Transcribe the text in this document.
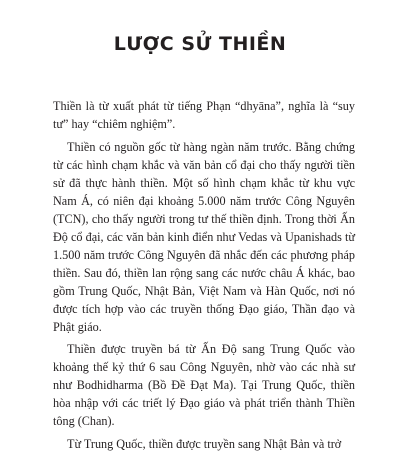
LƯỢC SỬ THIỀN

Thiền là từ xuất phát từ tiếng Phạn “dhyāna”, nghĩa là “suy tư” hay “chiêm nghiệm”.

Thiền có nguồn gốc từ hàng ngàn năm trước. Bằng chứng từ các hình chạm khắc và văn bản cổ đại cho thấy người tiền sử đã thực hành thiền. Một số hình chạm khắc từ khu vực Nam Á, có niên đại khoảng 5.000 năm trước Công Nguyên (TCN), cho thấy người trong tư thế thiền định. Trong thời Ấn Độ cổ đại, các văn bản kinh điển như Vedas và Upanishads từ 1.500 năm trước Công Nguyên đã nhắc đến các phương pháp thiền. Sau đó, thiền lan rộng sang các nước châu Á khác, bao gồm Trung Quốc, Nhật Bản, Việt Nam và Hàn Quốc, nơi nó được tích hợp vào các truyền thống Đạo giáo, Thần đạo và Phật giáo.

Thiền được truyền bá từ Ấn Độ sang Trung Quốc vào khoảng thế kỷ thứ 6 sau Công Nguyên, nhờ vào các nhà sư như Bodhidharma (Bồ Đề Đạt Ma). Tại Trung Quốc, thiền hòa nhập với các triết lý Đạo giáo và phát triển thành Thiền tông (Chan).

Từ Trung Quốc, thiền được truyền sang Nhật Bản và trở
